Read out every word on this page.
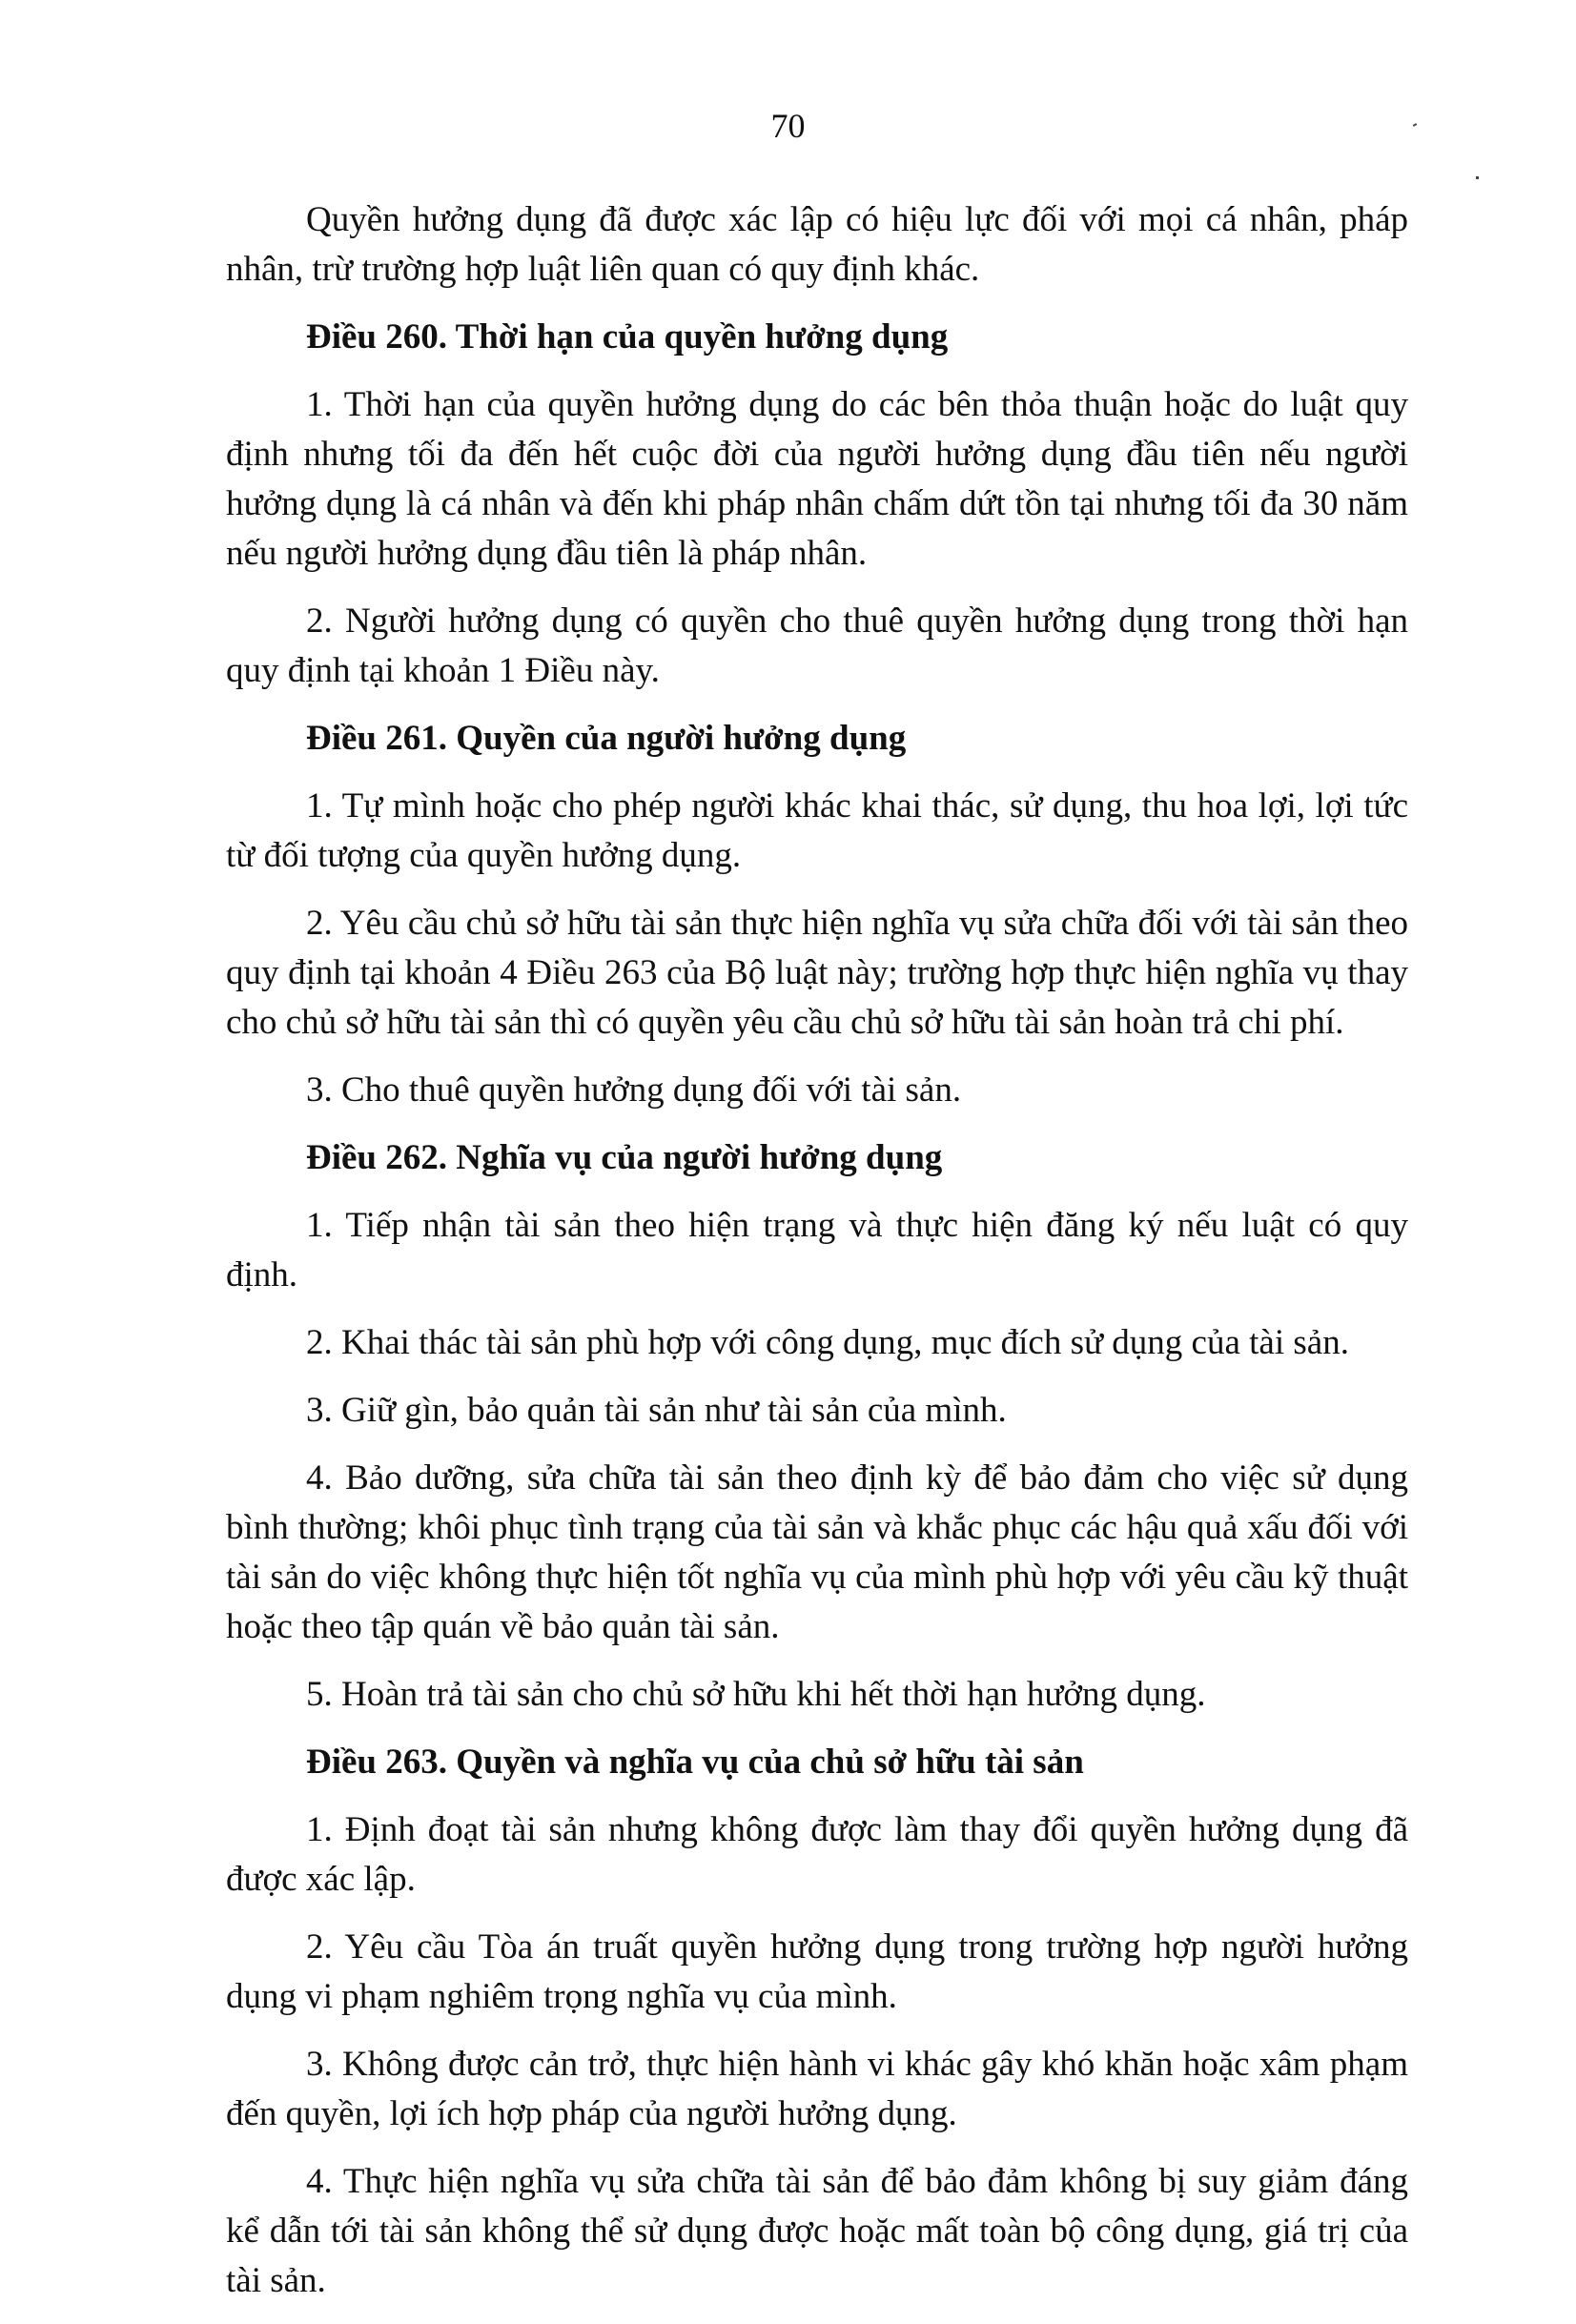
70

Quyền hưởng dụng đã được xác lập có hiệu lực đối với mọi cá nhân, pháp nhân, trừ trường hợp luật liên quan có quy định khác.

Điều 260. Thời hạn của quyền hưởng dụng

1. Thời hạn của quyền hưởng dụng do các bên thỏa thuận hoặc do luật quy định nhưng tối đa đến hết cuộc đời của người hưởng dụng đầu tiên nếu người hưởng dụng là cá nhân và đến khi pháp nhân chấm dứt tồn tại nhưng tối đa 30 năm nếu người hưởng dụng đầu tiên là pháp nhân.

2. Người hưởng dụng có quyền cho thuê quyền hưởng dụng trong thời hạn quy định tại khoản 1 Điều này.

Điều 261. Quyền của người hưởng dụng

1. Tự mình hoặc cho phép người khác khai thác, sử dụng, thu hoa lợi, lợi tức từ đối tượng của quyền hưởng dụng.

2. Yêu cầu chủ sở hữu tài sản thực hiện nghĩa vụ sửa chữa đối với tài sản theo quy định tại khoản 4 Điều 263 của Bộ luật này; trường hợp thực hiện nghĩa vụ thay cho chủ sở hữu tài sản thì có quyền yêu cầu chủ sở hữu tài sản hoàn trả chi phí.

3. Cho thuê quyền hưởng dụng đối với tài sản.

Điều 262. Nghĩa vụ của người hưởng dụng

1. Tiếp nhận tài sản theo hiện trạng và thực hiện đăng ký nếu luật có quy định.

2. Khai thác tài sản phù hợp với công dụng, mục đích sử dụng của tài sản.

3. Giữ gìn, bảo quản tài sản như tài sản của mình.

4. Bảo dưỡng, sửa chữa tài sản theo định kỳ để bảo đảm cho việc sử dụng bình thường; khôi phục tình trạng của tài sản và khắc phục các hậu quả xấu đối với tài sản do việc không thực hiện tốt nghĩa vụ của mình phù hợp với yêu cầu kỹ thuật hoặc theo tập quán về bảo quản tài sản.

5. Hoàn trả tài sản cho chủ sở hữu khi hết thời hạn hưởng dụng.

Điều 263. Quyền và nghĩa vụ của chủ sở hữu tài sản

1. Định đoạt tài sản nhưng không được làm thay đổi quyền hưởng dụng đã được xác lập.

2. Yêu cầu Tòa án truất quyền hưởng dụng trong trường hợp người hưởng dụng vi phạm nghiêm trọng nghĩa vụ của mình.

3. Không được cản trở, thực hiện hành vi khác gây khó khăn hoặc xâm phạm đến quyền, lợi ích hợp pháp của người hưởng dụng.

4. Thực hiện nghĩa vụ sửa chữa tài sản để bảo đảm không bị suy giảm đáng kể dẫn tới tài sản không thể sử dụng được hoặc mất toàn bộ công dụng, giá trị của tài sản.
